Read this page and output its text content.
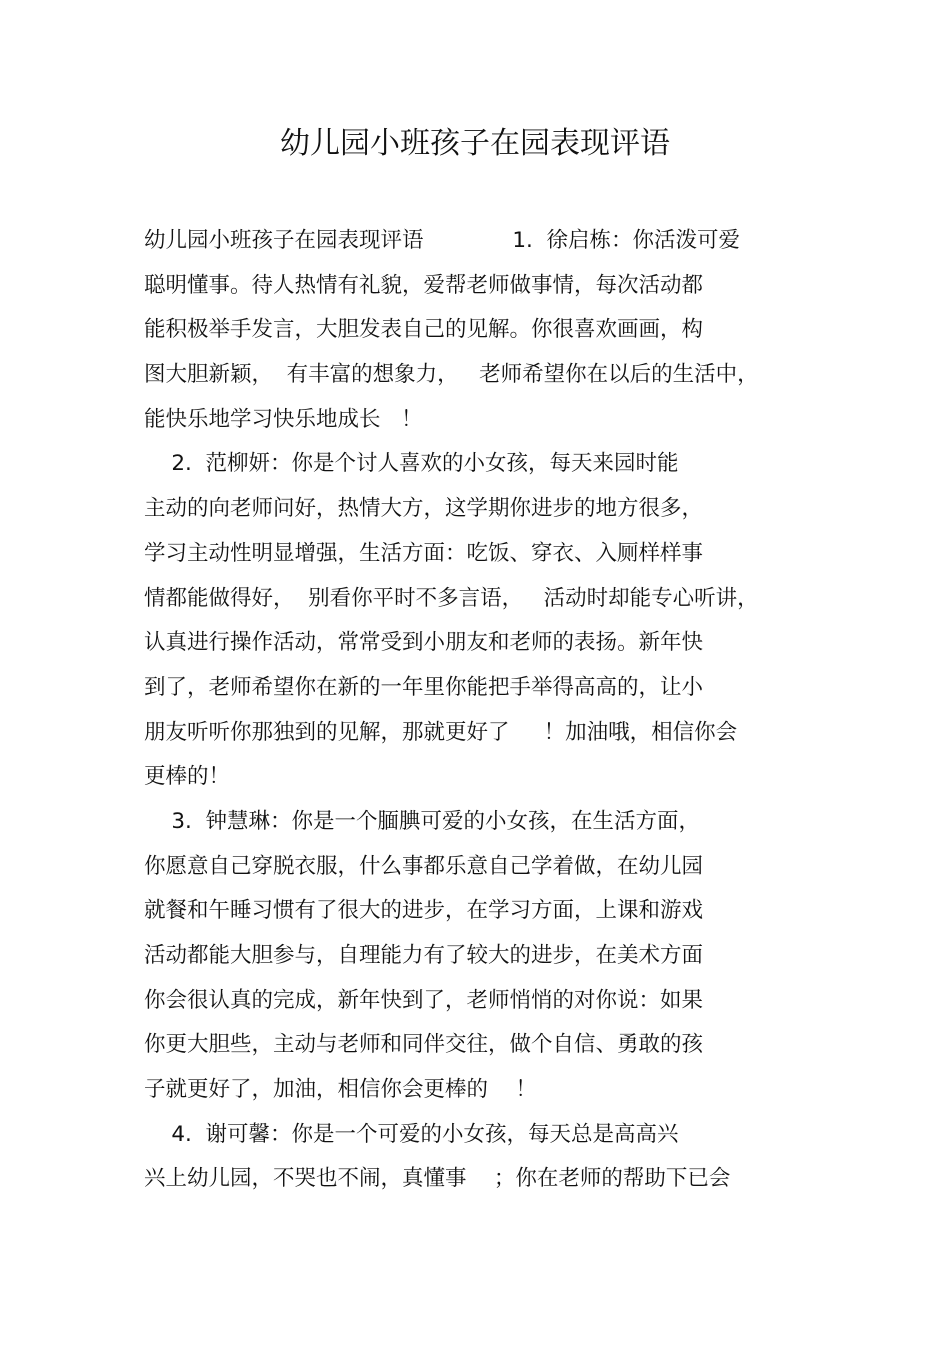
幼儿园小班孩子在园表现评语
幼儿园小班孩子在园表现评语             1.  徐启栋：你活泼可爱
聪明懂事。待人热情有礼貌，爱帮老师做事情，每次活动都
能积极举手发言，大胆发表自己的见解。你很喜欢画画，构
图大胆新颖，  有丰富的想象力，   老师希望你在以后的生活中，
能快乐地学习快乐地成长   ！
2.  范柳妍：你是个讨人喜欢的小女孩，每天来园时能
主动的向老师问好，热情大方，这学期你进步的地方很多，
学习主动性明显增强，生活方面：吃饭、穿衣、入厕样样事
情都能做得好，  别看你平时不多言语，   活动时却能专心听讲，
认真进行操作活动，常常受到小朋友和老师的表扬。新年快
到了，老师希望你在新的一年里你能把手举得高高的，让小
朋友听听你那独到的见解，那就更好了     ！加油哦，相信你会
更棒的！
3.  钟慧琳：你是一个腼腆可爱的小女孩，在生活方面，
你愿意自己穿脱衣服，什么事都乐意自己学着做，在幼儿园
就餐和午睡习惯有了很大的进步，在学习方面，上课和游戏
活动都能大胆参与，自理能力有了较大的进步，在美术方面
你会很认真的完成，新年快到了，老师悄悄的对你说：如果
你更大胆些，主动与老师和同伴交往，做个自信、勇敢的孩
子就更好了，加油，相信你会更棒的    ！
4.  谢可馨：你是一个可爱的小女孩，每天总是高高兴
兴上幼儿园，不哭也不闹，真懂事    ；你在老师的帮助下已会
